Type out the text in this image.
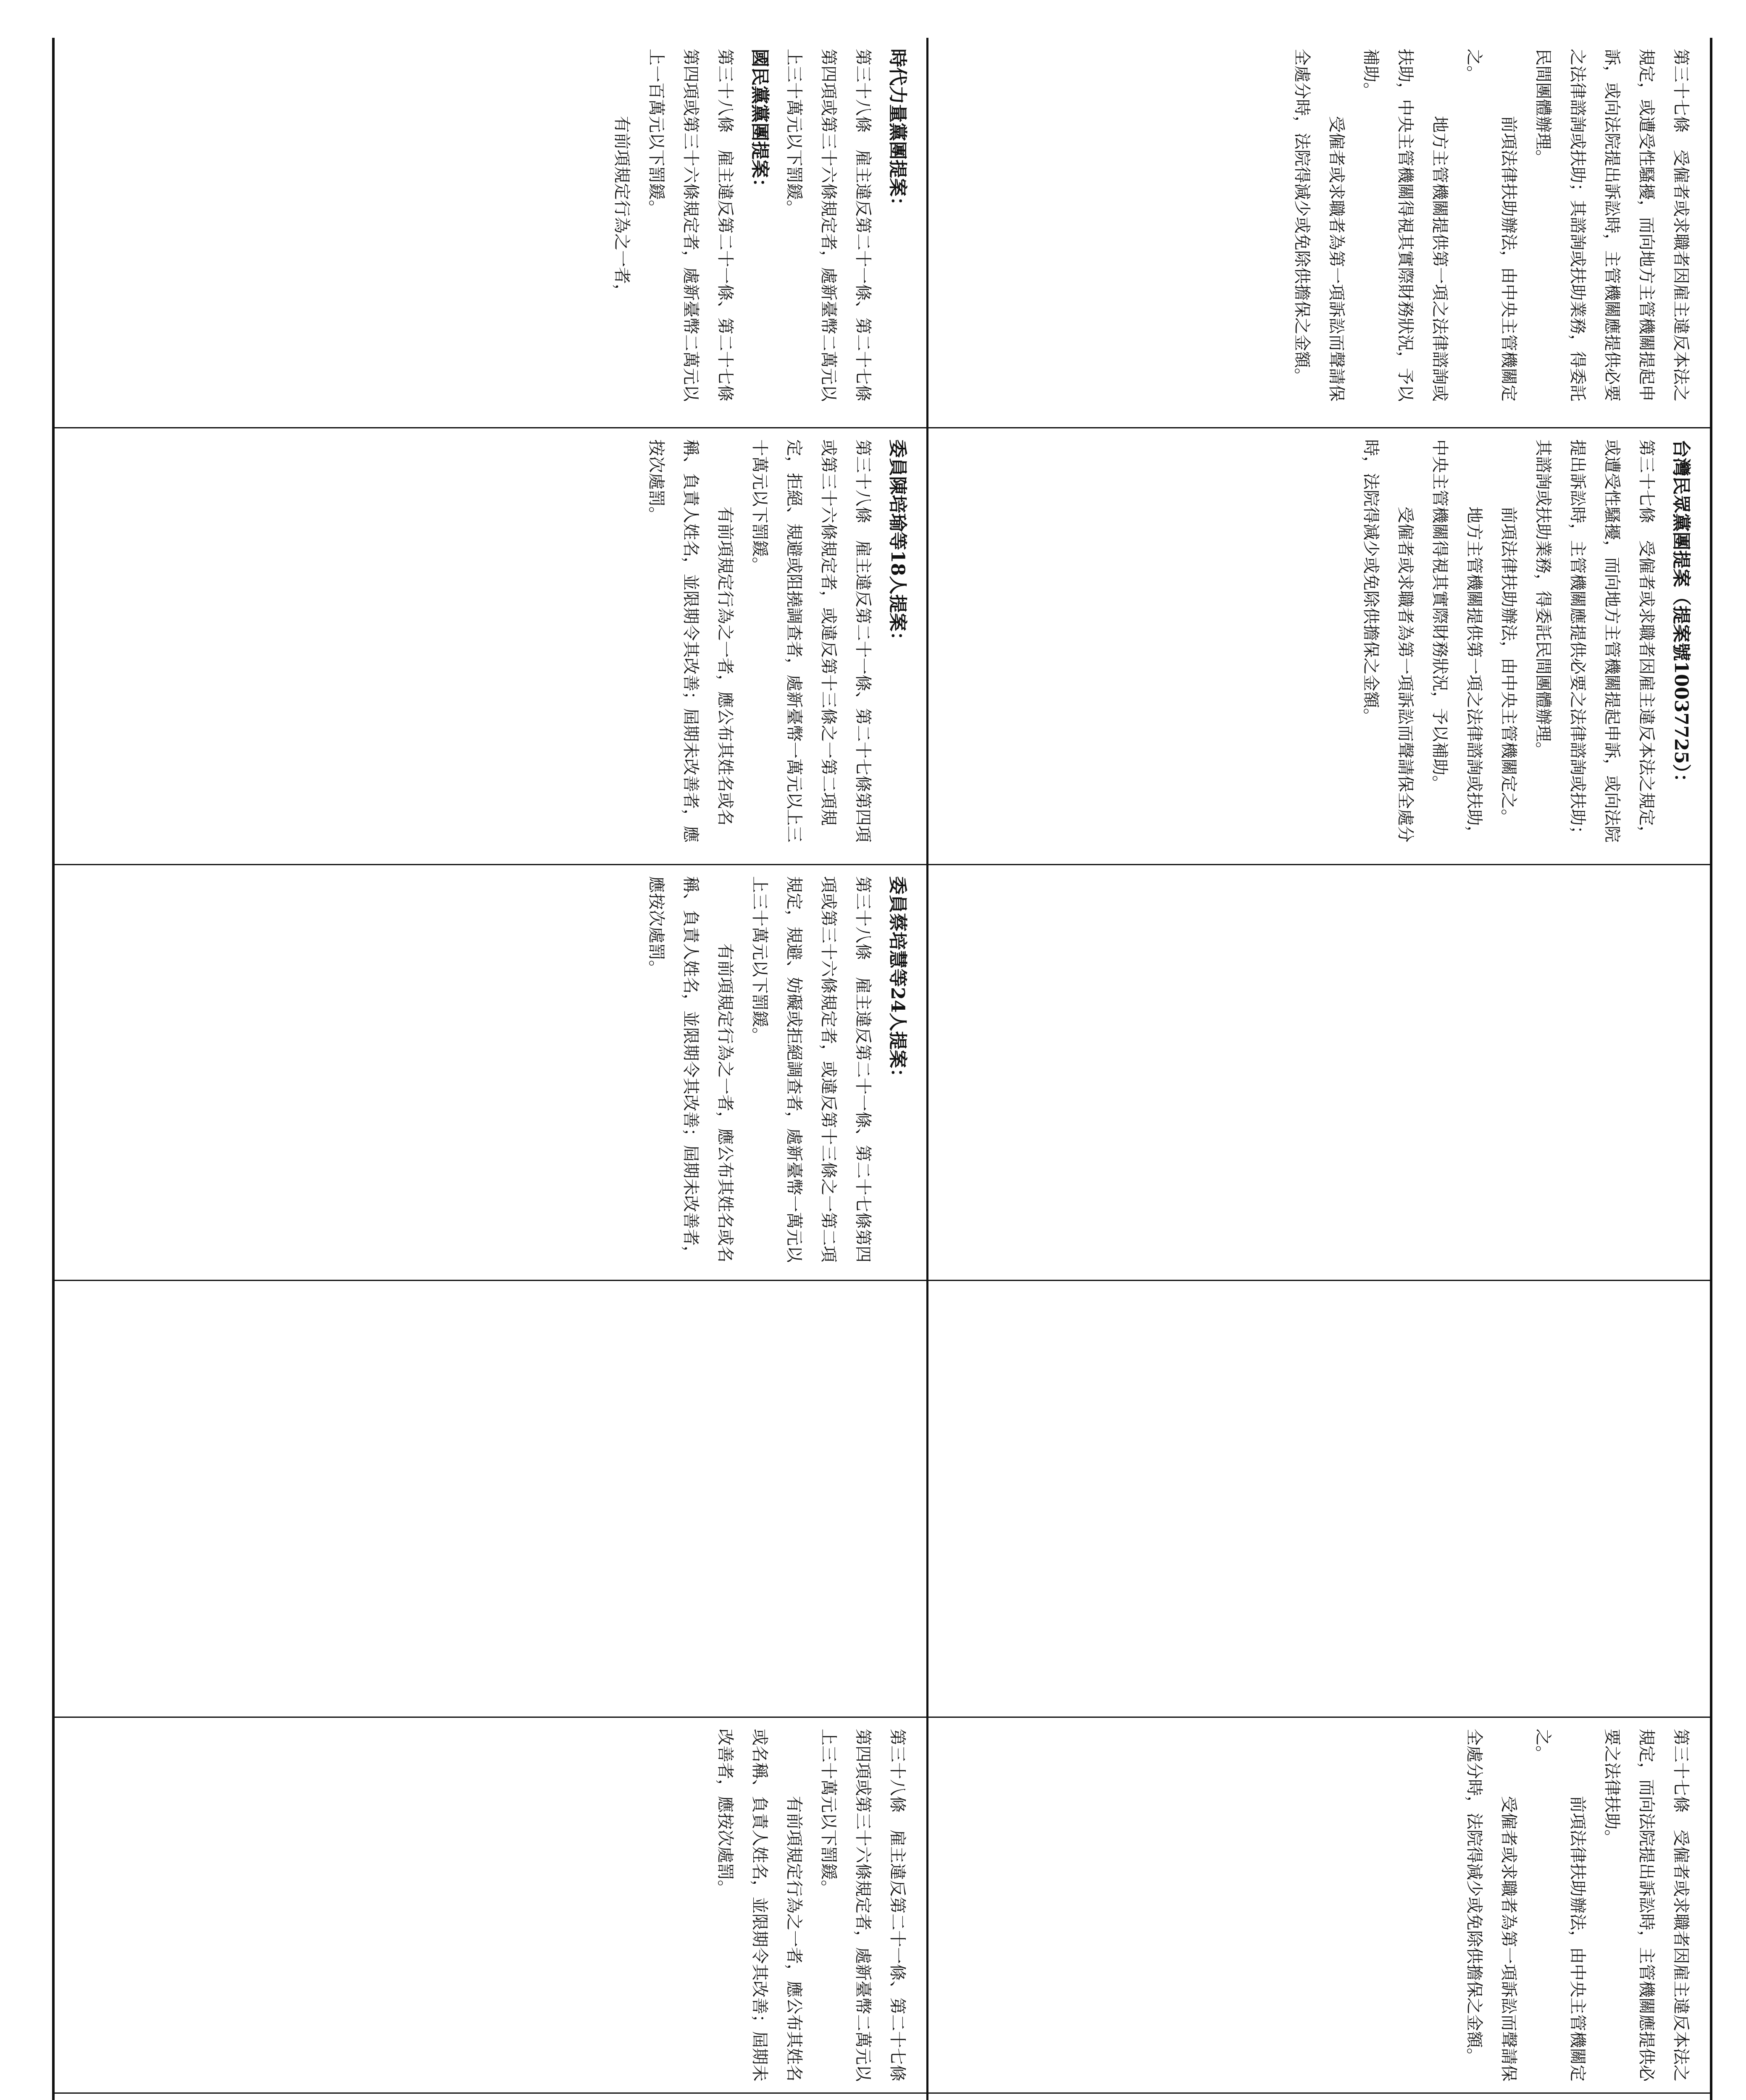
第三十七條　受僱者或求職者因雇主違反本法之規定，或遭受性騷擾，而向地方主管機關提起申訴，或向法院提出訴訟時，主管機關應提供必要之法律諮詢或扶助；其諮詢或扶助業務，得委託民間團體辦理。

前項法律扶助辦法，由中央主管機關定之。

地方主管機關提供第一項之法律諮詢或扶助，中央主管機關得視其實際財務狀況，予以補助。

受僱者或求職者為第一項訴訟而聲請保全處分時，法院得減少或免除供擔保之金額。

台灣民眾黨團提案（提案號10037725）：

第三十七條　受僱者或求職者因雇主違反本法之規定，或遭受性騷擾，而向地方主管機關提起申訴，或向法院提出訴訟時，主管機關應提供必要之法律諮詢或扶助；其諮詢或扶助業務，得委託民間團體辦理。

前項法律扶助辦法，由中央主管機關定之。

地方主管機關提供第一項之法律諮詢或扶助，中央主管機關得視其實際財務狀況，予以補助。

受僱者或求職者為第一項訴訟而聲請保全處分時，法院得減少或免除供擔保之金額。

第三十七條　受僱者或求職者因雇主違反本法之規定，而向法院提出訴訟時，主管機關應提供必要之法律扶助。

前項法律扶助辦法，由中央主管機關定之。

受僱者或求職者為第一項訴訟而聲請保全處分時，法院得減少或免除供擔保之金額。

時代力量黨團提案：

第三十八條　雇主違反第二十一條、第二十七條第四項或第三十六條規定者，處新臺幣二萬元以上三十萬元以下罰鍰。

國民黨黨團提案：

第三十八條　雇主違反第二十一條、第二十七條第四項或第三十六條規定者，處新臺幣二萬元以上一百萬元以下罰鍰。

有前項規定行為之一者，

委員陳培瑜等18人提案：

第三十八條　雇主違反第二十一條、第二十七條第四項或第三十六條規定者，或違反第十三條之一第二項規定，拒絕、規避或阻撓調查者，處新臺幣一萬元以上三十萬元以下罰鍰。

有前項規定行為之一者，應公布其姓名或名稱、負責人姓名，並限期令其改善；屆期未改善者，應按次處罰。

委員蔡培慧等24人提案：

第三十八條　雇主違反第二十一條、第二十七條第四項或第三十六條規定者，或違反第十三條之一第二項規定，規避、妨礙或拒絕調查者，處新臺幣一萬元以上三十萬元以下罰鍰。

有前項規定行為之一者，應公布其姓名或名稱、負責人姓名，並限期令其改善；屆期未改善者，應按次處罰。

第三十八條　雇主違反第二十一條、第二十七條第四項或第三十六條規定者，處新臺幣二萬元以上三十萬元以下罰鍰。

有前項規定行為之一者，應公布其姓名或名稱、負責人姓名，並限期令其改善；屆期未改善者，應按次處罰。
